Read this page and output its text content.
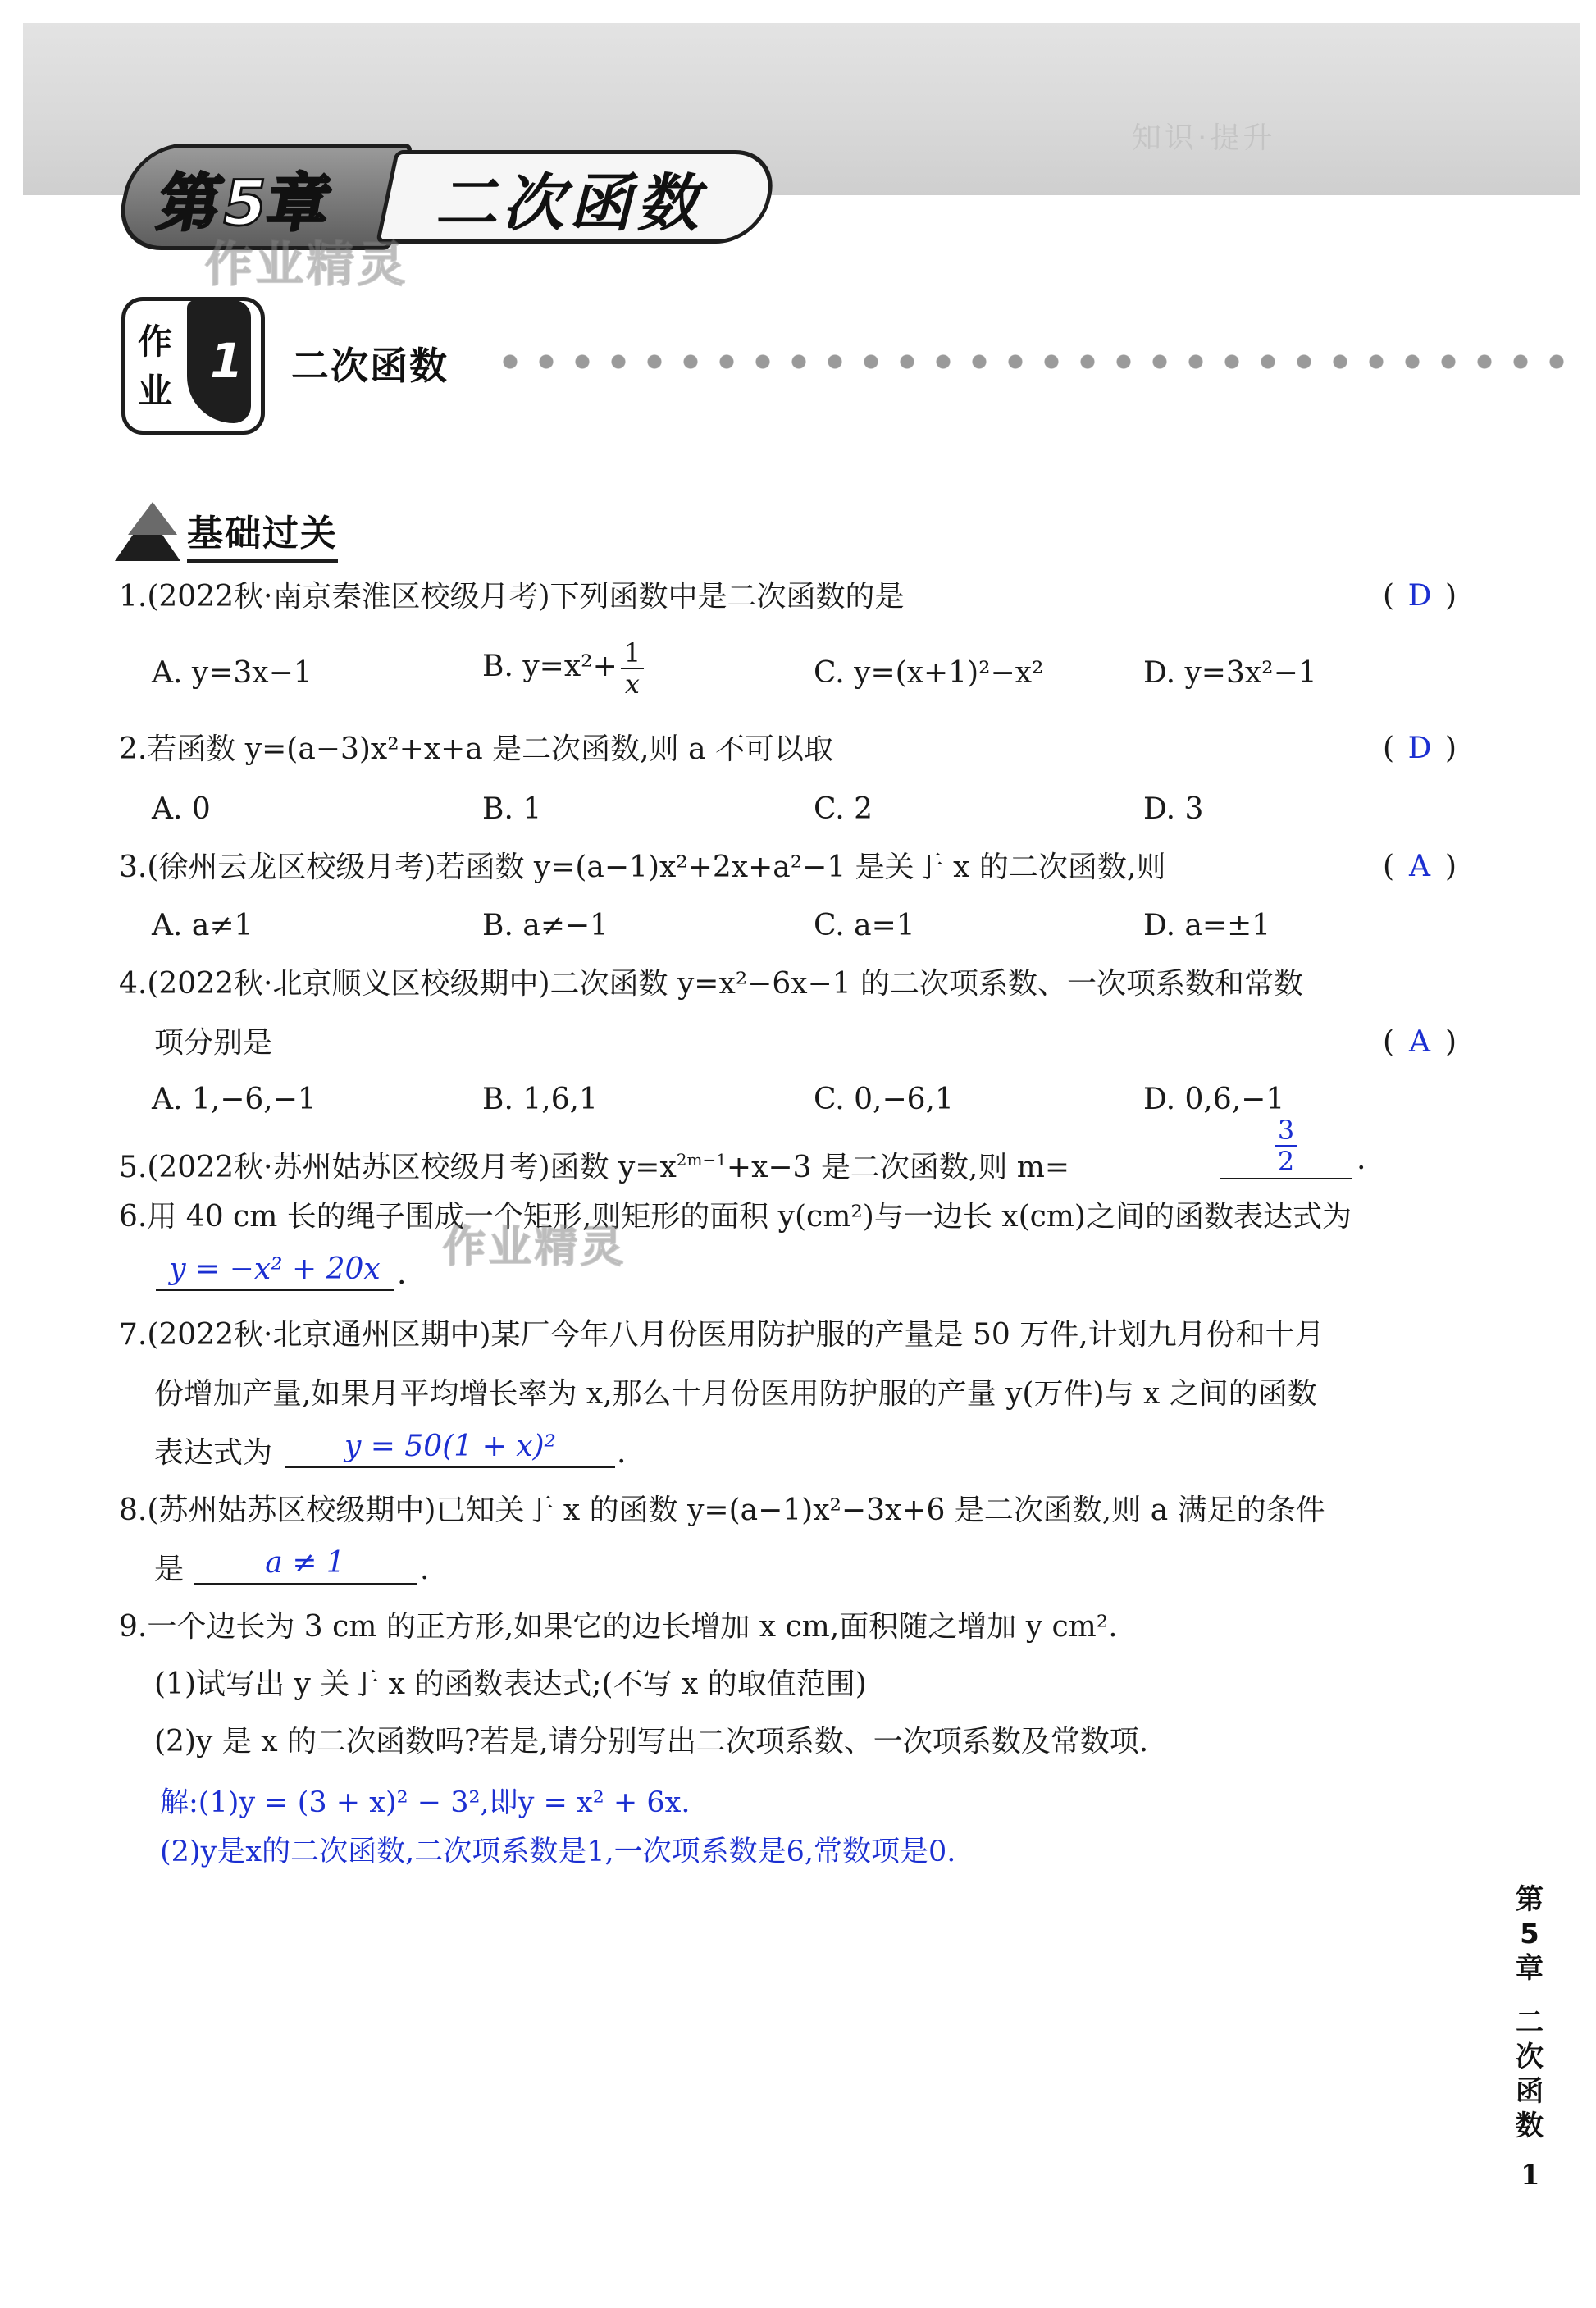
知识·提升
第5章 二次函数
作业精灵
作
业
1 二次函数
基础过关
1.(2022秋·南京秦淮区校级月考)下列函数中是二次函数的是	( D )
A. y=3x−1	B. $y=x^2+ \frac{1}{x}$	C. y=(x+1)²−x²	D. y=3x²−1
2.若函数 y=(a−3)x²+x+a 是二次函数,则 a 不可以取	( D )
A. 0	B. 1	C. 2	D. 3
3.(徐州云龙区校级月考)若函数 y=(a−1)x²+2x+a²−1 是关于 x 的二次函数,则	( A )
A. a≠1	B. a≠−1	C. a=1	D. a=±1
4.(2022秋·北京顺义区校级期中)二次函数 y=x²−6x−1 的二次项系数、一次项系数和常数
项分别是	( A )
A. 1,−6,−1	B. 1,6,1	C. 0,−6,1	D. 0,6,−1
5.(2022秋·苏州姑苏区校级月考)函数 $y=x^{2m-1}+x-3$ 是二次函数,则 m=	$\frac{3}{2}$ .
6.用 40 cm 长的绳子围成一个矩形,则矩形的面积 y(cm²)与一边长 x(cm)之间的函数表达式为
y = −x² + 20x .
作业精灵
7.(2022秋·北京通州区期中)某厂今年八月份医用防护服的产量是 50 万件,计划九月份和十月
份增加产量,如果月平均增长率为 x,那么十月份医用防护服的产量 y(万件)与 x 之间的函数
表达式为	y = 50(1 + x)²	.
8.(苏州姑苏区校级期中)已知关于 x 的函数 y=(a−1)x²−3x+6 是二次函数,则 a 满足的条件
是	a ≠ 1	.
9.一个边长为 3 cm 的正方形,如果它的边长增加 x cm,面积随之增加 y cm².
(1)试写出 y 关于 x 的函数表达式;(不写 x 的取值范围)
(2)y 是 x 的二次函数吗?若是,请分别写出二次项系数、一次项系数及常数项.
解:(1)y = (3 + x)² − 3²,即y = x² + 6x.
(2)y是x的二次函数,二次项系数是1,一次项系数是6,常数项是0.
第
5
章
二
次
函
数
1
